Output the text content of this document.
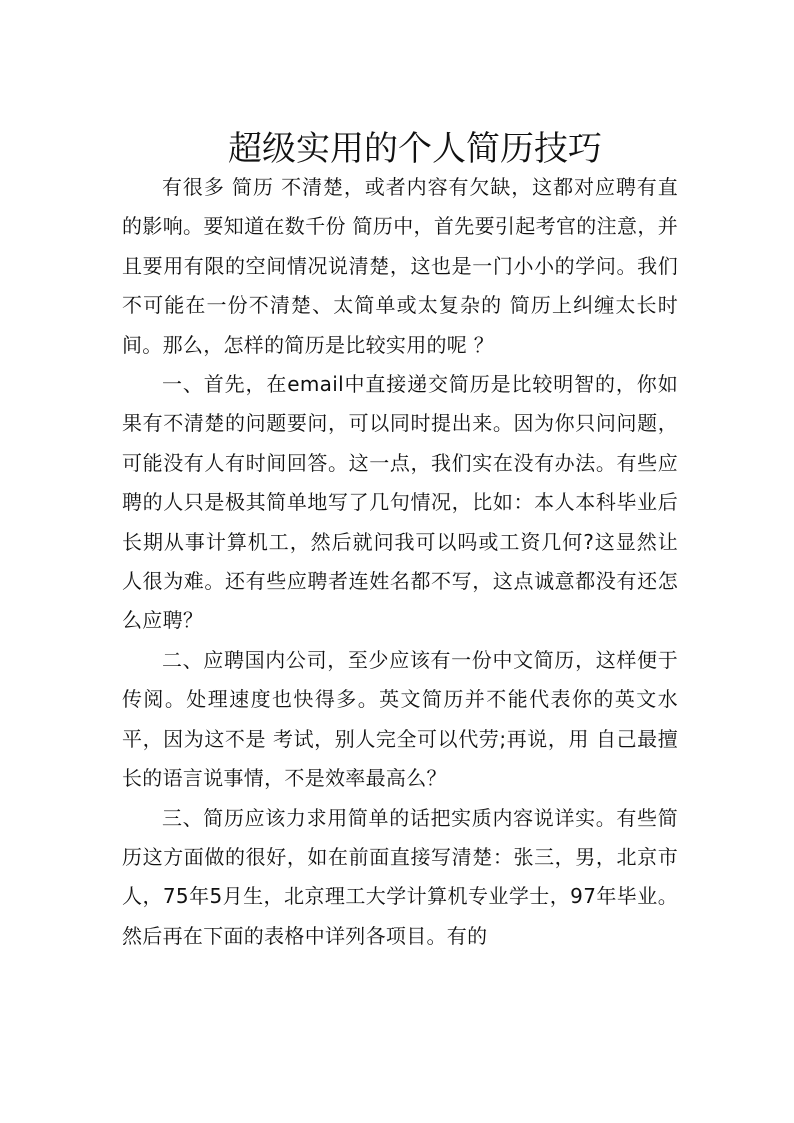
超级实用的个人简历技巧

有很多 简历 不清楚，或者内容有欠缺，这都对应聘有直的影响。要知道在数千份 简历中，首先要引起考官的注意，并且要用有限的空间情况说清楚，这也是一门小小的学问。我们不可能在一份不清楚、太简单或太复杂的 简历上纠缠太长时间。那么，怎样的简历是比较实用的呢 ？

一、首先，在email中直接递交简历是比较明智的，你如果有不清楚的问题要问，可以同时提出来。因为你只问问题，可能没有人有时间回答。这一点，我们实在没有办法。有些应聘的人只是极其简单地写了几句情况，比如：本人本科毕业后长期从事计算机工，然后就问我可以吗或工资几何?这显然让人很为难。还有些应聘者连姓名都不写，这点诚意都没有还怎么应聘？

二、应聘国内公司，至少应该有一份中文简历，这样便于传阅。处理速度也快得多。英文简历并不能代表你的英文水平，因为这不是 考试，别人完全可以代劳;再说，用 自己最擅长的语言说事情，不是效率最高么？

三、简历应该力求用简单的话把实质内容说详实。有些简历这方面做的很好，如在前面直接写清楚：张三，男，北京市人，75年5月生，北京理工大学计算机专业学士，97年毕业。然后再在下面的表格中详列各项目。有的
